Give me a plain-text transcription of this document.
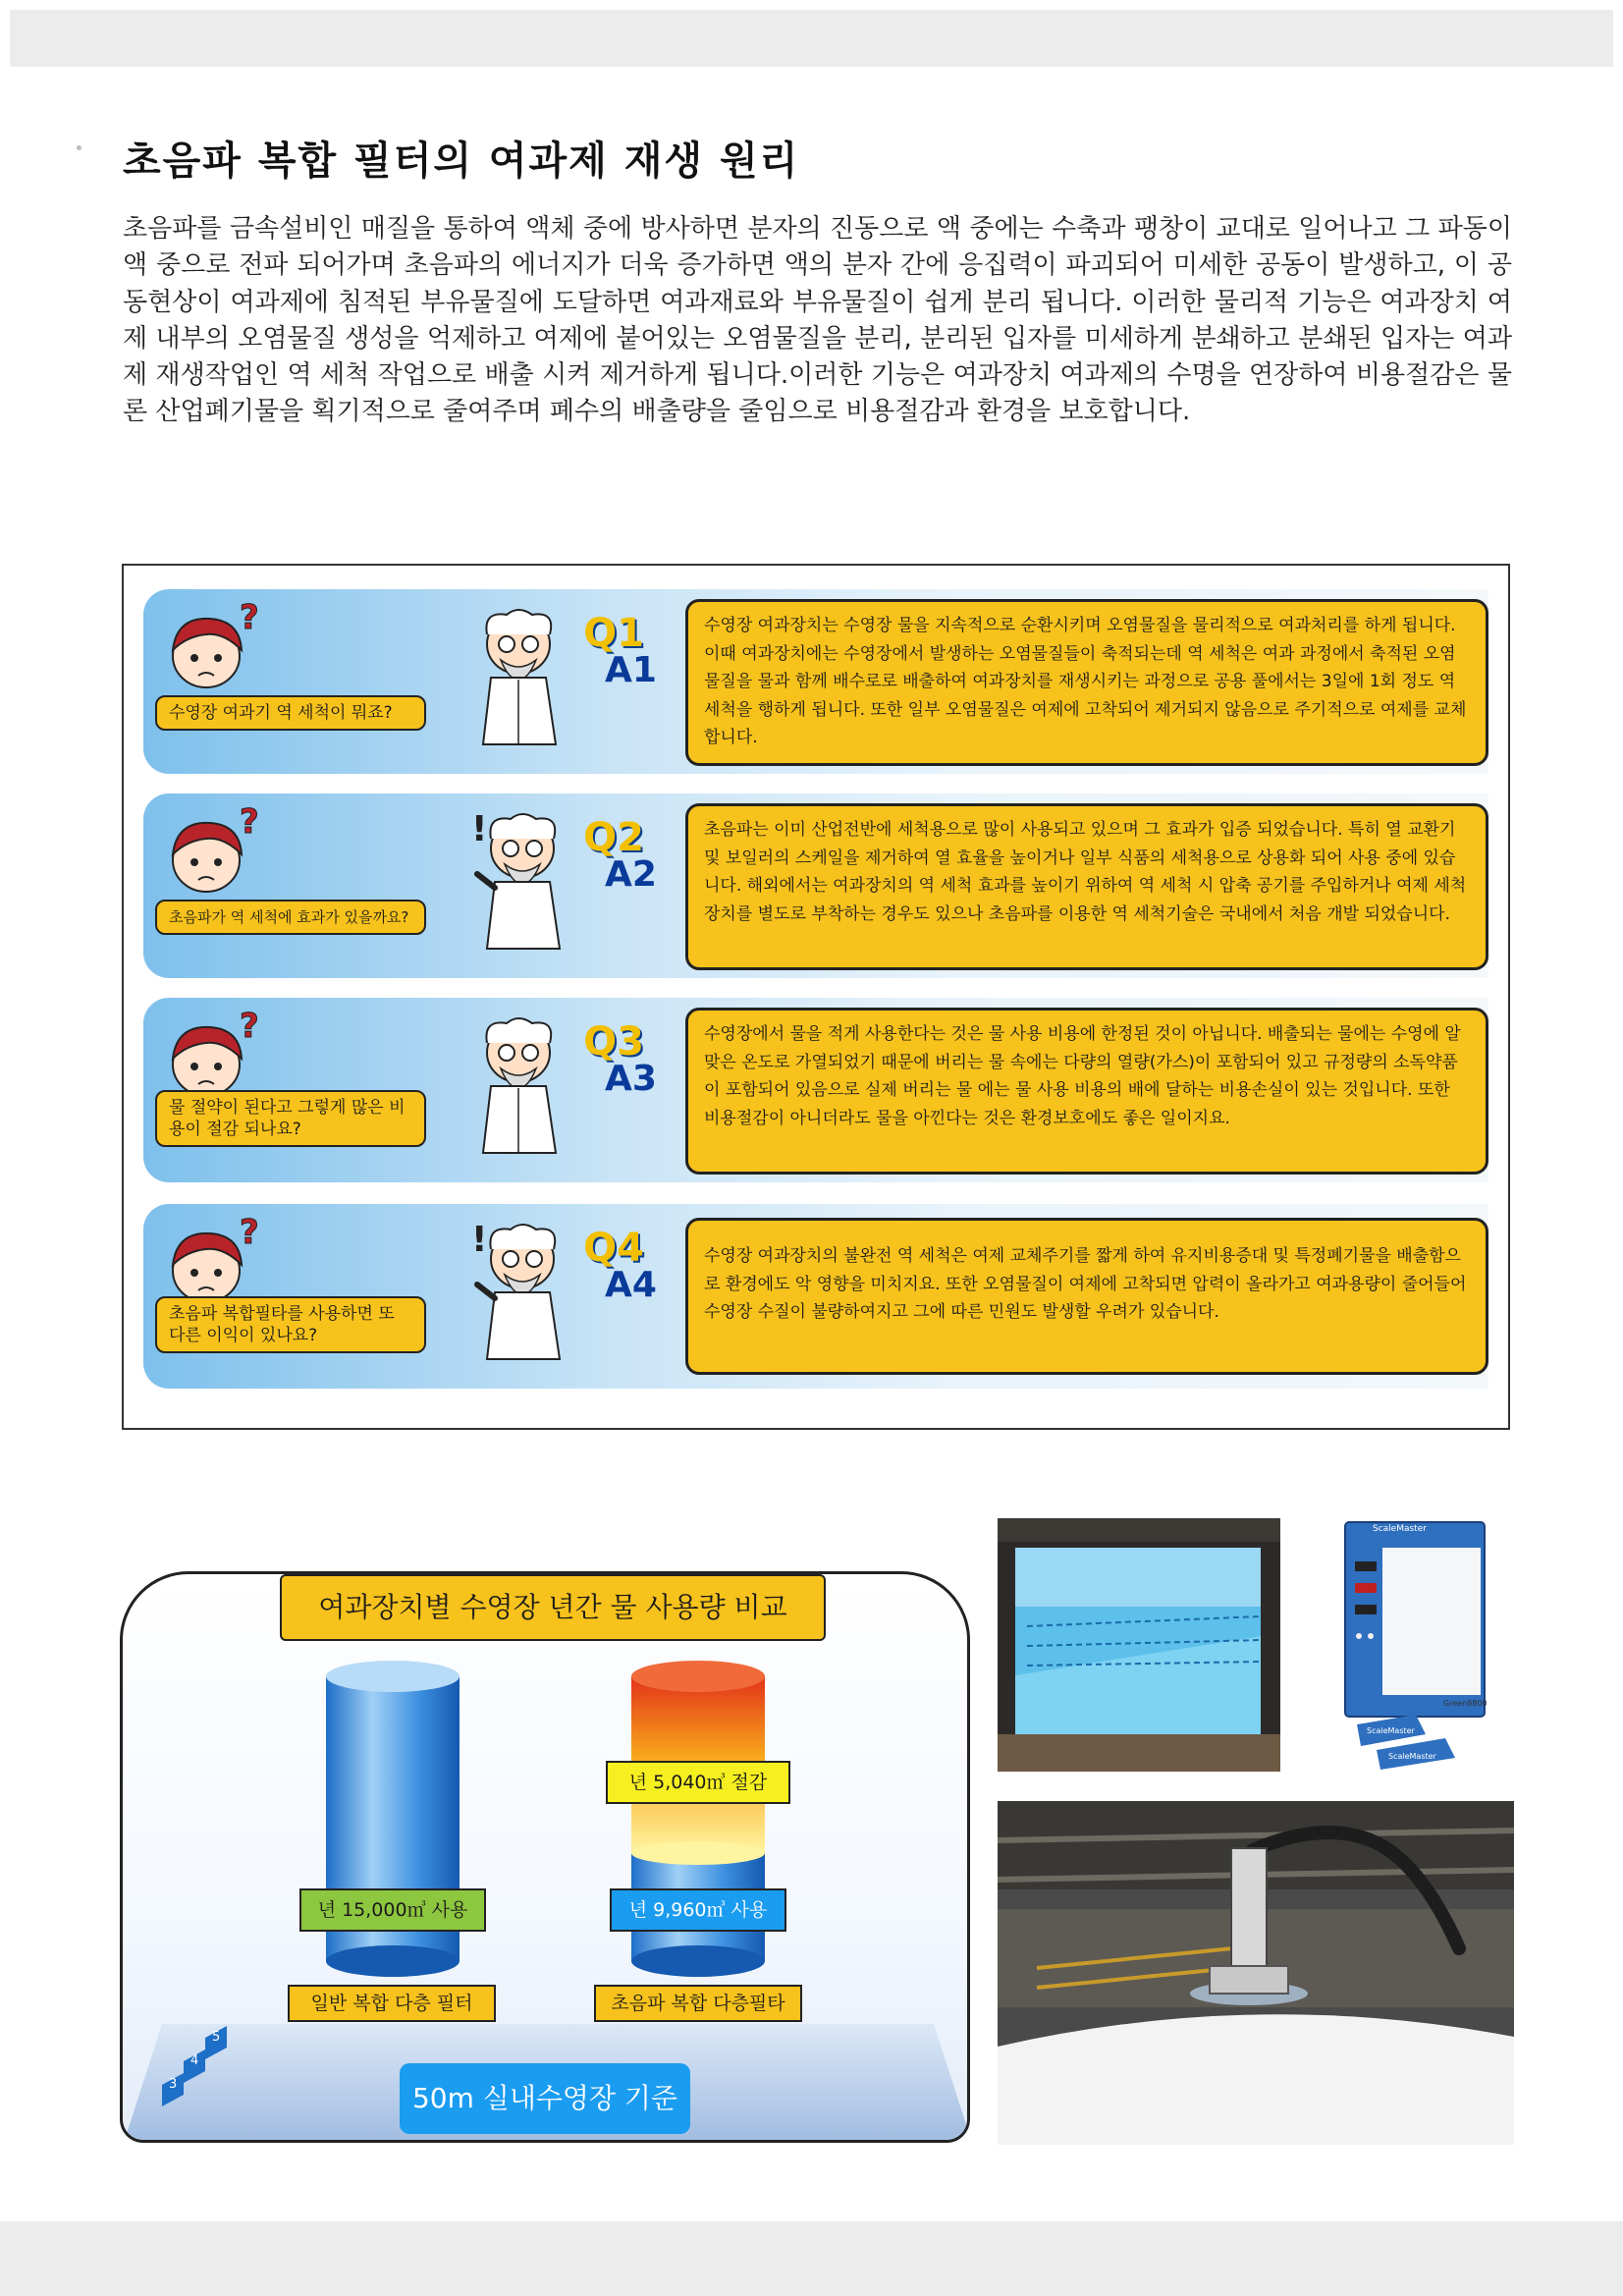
초음파 복합 필터의 여과제 재생 원리

초음파를 금속설비인 매질을 통하여 액체 중에 방사하면 분자의 진동으로 액 중에는 수축과 팽창이 교대로 일어나고 그 파동이 액 중으로 전파 되어가며 초음파의 에너지가 더욱 증가하면 액의 분자 간에 응집력이 파괴되어 미세한 공동이 발생하고, 이 공동현상이 여과제에 침적된 부유물질에 도달하면 여과재료와 부유물질이 쉽게 분리 됩니다. 이러한 물리적 기능은 여과장치 여제 내부의 오염물질 생성을 억제하고 여제에 붙어있는 오염물질을 분리, 분리된 입자를 미세하게 분쇄하고 분쇄된 입자는 여과제 재생작업인 역 세척 작업으로 배출 시켜 제거하게 됩니다.이러한 기능은 여과장치 여과제의 수명을 연장하여 비용절감은 물론 산업폐기물을 획기적으로 줄여주며 폐수의 배출량을 줄임으로 비용절감과 환경을 보호합니다.

?	Q1
수영장 여과기 역 세척이 뭐죠?
A1
수영장 여과장치는 수영장 물을 지속적으로 순환시키며 오염물질을 물리적으로 여과처리를 하게 됩니다. 이때 여과장치에는 수영장에서 발생하는 오염물질들이 축적되는데 역 세척은 여과 과정에서 축적된 오염물질을 물과 함께 배수로로 배출하여 여과장치를 재생시키는 과정으로 공용 풀에서는 3일에 1회 정도 역 세척을 행하게 됩니다. 또한 일부 오염물질은 여제에 고착되어 제거되지 않음으로 주기적으로 여제를 교체 합니다.
?	Q2
초음파가 역 세척에 효과가 있을까요?
!
A2
초음파는 이미 산업전반에 세척용으로 많이 사용되고 있으며 그 효과가 입증 되었습니다. 특히 열 교환기 및 보일러의 스케일을 제거하여 열 효율을 높이거나 일부 식품의 세척용으로 상용화 되어 사용 중에 있습니다. 해외에서는 여과장치의 역 세척 효과를 높이기 위하여 역 세척 시 압축 공기를 주입하거나 여제 세척장치를 별도로 부착하는 경우도 있으나 초음파를 이용한 역 세척기술은 국내에서 처음 개발 되었습니다.
?	Q3
물 절약이 된다고 그렇게 많은 비용이 절감 되나요?
A3
수영장에서 물을 적게 사용한다는 것은 물 사용 비용에 한정된 것이 아닙니다. 배출되는 물에는 수영에 알맞은 온도로 가열되었기 때문에 버리는 물 속에는 다량의 열량(가스)이 포함되어 있고 규정량의 소독약품이 포함되어 있음으로 실제 버리는 물 에는 물 사용 비용의 배에 달하는 비용손실이 있는 것입니다. 또한 비용절감이 아니더라도 물을 아낀다는 것은 환경보호에도 좋은 일이지요.
?	Q4
초음파 복합필타를 사용하면 또 다른 이익이 있나요?
!
A4
수영장 여과장치의 불완전 역 세척은 여제 교체주기를 짧게 하여 유지비용증대 및 특정폐기물을 배출함으로 환경에도 악 영향을 미치지요. 또한 오염물질이 여제에 고착되면 압력이 올라가고 여과용량이 줄어들어 수영장 수질이 불량하여지고 그에 따른 민원도 발생할 우려가 있습니다.
여과장치별 수영장 년간 물 사용량 비교
3
4
5
년 15,000㎥ 사용
일반 복합 다층 필터
년 5,040㎥ 절감
년 9,960㎥ 사용
초음파 복합 다층필타
50m 실내수영장 기준
ScaleMaster
Green8800
ScaleMaster
ScaleMaster
